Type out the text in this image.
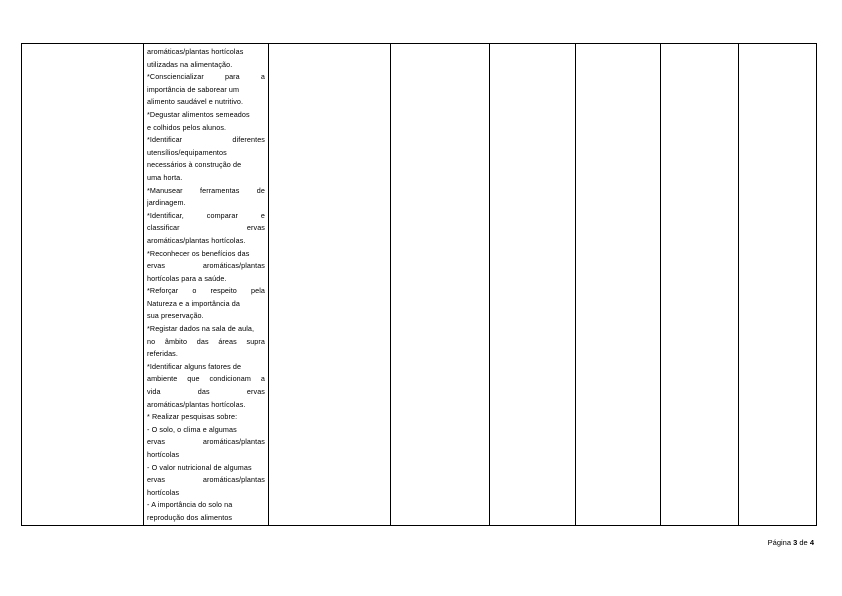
aromáticas/plantas hortícolas
utilizadas na alimentação.
*Consciencializar para a
importância de saborear um
alimento saudável e nutritivo.
*Degustar alimentos semeados
e colhidos pelos alunos.
*Identificar diferentes
utensílios/equipamentos
necessários à construção de
uma horta.
*Manusear ferramentas de
jardinagem.
*Identificar, comparar e
classificar ervas
aromáticas/plantas hortícolas.
*Reconhecer os benefícios das
ervas aromáticas/plantas
hortícolas para a saúde.
*Reforçar o respeito pela
Natureza e a importância da
sua preservação.
*Registar dados na sala de aula,
no âmbito das áreas supra
referidas.
*Identificar alguns fatores de
ambiente que condicionam a
vida das ervas
aromáticas/plantas hortícolas.
* Realizar pesquisas sobre:
- O solo, o clima e algumas
ervas aromáticas/plantas
hortícolas
- O valor nutricional de algumas
ervas aromáticas/plantas
hortícolas
- A importância do solo na
reprodução dos alimentos

Página 3 de 4
